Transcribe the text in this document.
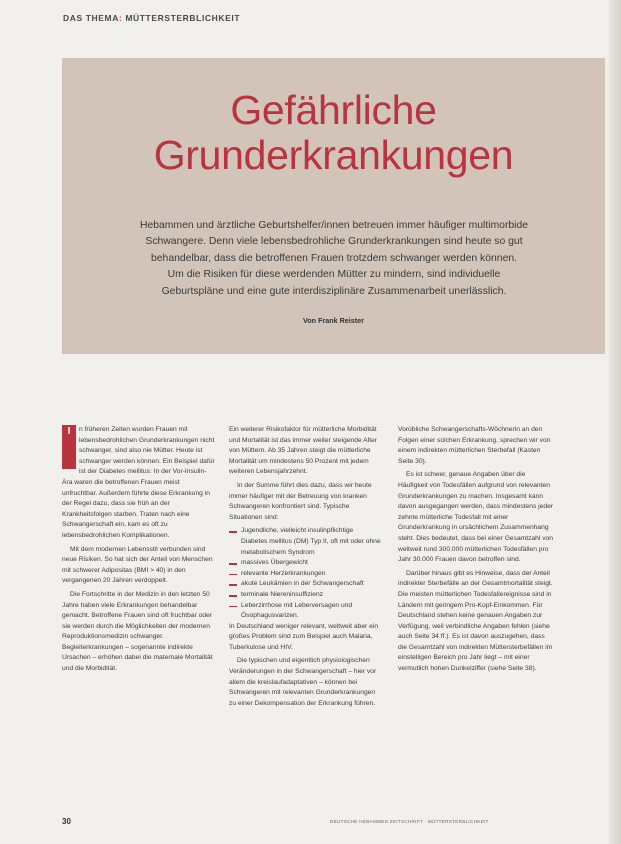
DAS THEMA: MÜTTERSTERBLICHKEIT
Gefährliche
Grunderkrankungen
Hebammen und ärztliche Geburtshelfer/innen betreuen immer häufiger multimorbide
Schwangere. Denn viele lebensbedrohliche Grunderkrankungen sind heute so gut
behandelbar, dass die betroffenen Frauen trotzdem schwanger werden können.
Um die Risiken für diese werdenden Mütter zu mindern, sind individuelle
Geburtspläne und eine gute interdisziplinäre Zusammenarbeit unerlässlich.
Von Frank Reister
I	n früheren Zeiten wurden Frauen mit lebensbedrohlichen Grunderkrankungen nicht schwanger, sind also nie Mütter. Heute ist schwanger werden können. Ein Beispiel dafür ist der Diabetes mellitus: In der Vor-Insulin-Ära waren die betroffenen Frauen meist unfruchtbar. Außerdem führte diese Erkrankung in der Regel dazu, dass sie früh an der Krankheitsfolgen starben. Traten nach eine Schwangerschaft ein, kam es oft zu lebensbedrohlichen Komplikationen.

Mit dem modernen Lebensstil verbunden sind neue Risiken. So hat sich der Anteil von Menschen mit schwerer Adipositas (BMI > 40) in den vergangenen 20 Jahren verdoppelt.

Die Fortschritte in der Medizin in den letzten 50 Jahre haben viele Erkrankungen behandelbar gemacht. Betroffene Frauen sind oft fruchtbar oder sie werden durch die Möglichkeiten der modernen Reproduktionsmedizin schwanger. Begleiterkrankungen – sogenannte indirekte Ursachen – erhöhen dabei die maternale Mortalität und die Morbidität.

Ein weiterer Risikofaktor für mütterliche Morbidität und Mortalität ist das immer weiter steigende Alter von Müttern. Ab 35 Jahren steigt die mütterliche Mortalität um mindestens 50 Prozent mit jedem weiteren Lebensjahrzehnt.

In der Summe führt dies dazu, dass wir heute immer häufiger mit der Betreuung von kranken Schwangeren konfrontiert sind. Typische Situationen sind:

Jugendliche, vielleicht insulinpflichtige Diabetes mellitus (DM) Typ II, oft mit oder ohne metabolischem Syndrom
massives Übergewicht
relevante Herzerkrankungen
akute Leukämien in der Schwangerschaft
terminale Niereninsuffizienz
Leberzirrhose mit Leberversagen und Ösophagusvarizen.

In Deutschland weniger relevant, weltweit aber ein großes Problem sind zum Beispiel auch Malaria, Tuberkulose und HIV.

Die typischen und eigentlich physiologischen Veränderungen in der Schwangerschaft – hier vor allem die kreislaufadaptativen – können bei Schwangeren mit relevanten Grunderkrankungen zu einer Dekompensation der Erkrankung führen.

Vorübliche Schwangerschafts-Wöchnerin an den Folgen einer solchen Erkrankung, sprechen wir von einem indirekten mütterlichen Sterbefall (Kasten Seite 30).

Es ist schwer, genaue Angaben über die Häufigkeit von Todesfällen aufgrund von relevanten Grunderkrankungen zu machen. Insgesamt kann davon ausgegangen werden, dass mindestens jeder zehnte mütterliche Todesfall mit einer Grunderkrankung in ursächlichem Zusammenhang steht. Dies bedeutet, dass bei einer Gesamtzahl von weltweit rund 300.000 mütterlichen Todesfällen pro Jahr 30.000 Frauen davon betroffen sind.

Darüber hinaus gibt es Hinweise, dass der Anteil indirekter Sterbefälle an der Gesamtmortalität steigt. Die meisten mütterlichen Todesfallereignisse sind in Ländern mit geringem Pro-Kopf-Einkommen. Für Deutschland stehen keine genauen Angaben zur Verfügung, weil verbindliche Angaben fehlen (siehe auch Seite 34 ff.). Es ist davon auszugehen, dass die Gesamtzahl von indirekten Müttersterbefällen im einstelligen Bereich pro Jahr liegt – mit einer vermutlich hohen Dunkelziffer (siehe Seite 38).

30	DEUTSCHE HEBAMMEN ZEITSCHRIFT · MÜTTERSTERBLICHKEIT
